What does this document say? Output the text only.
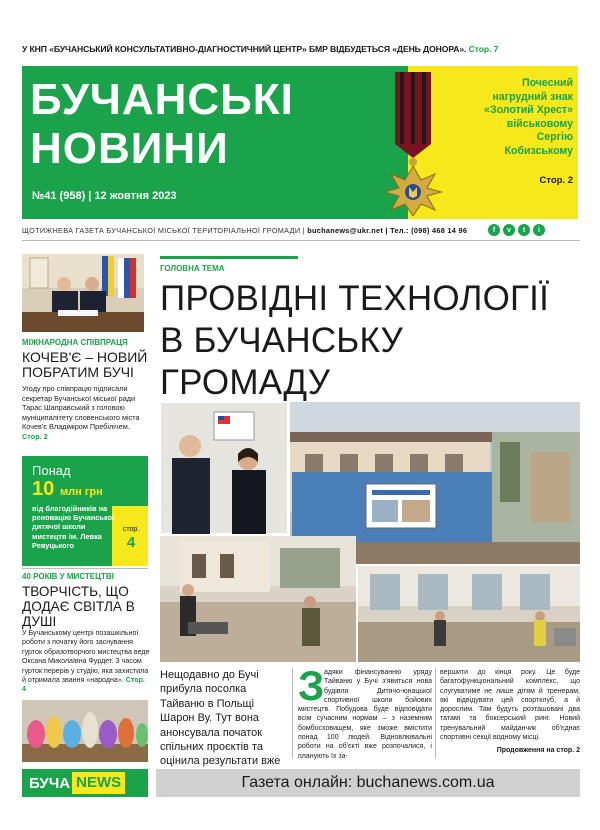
У КНП «БУЧАНСЬКИЙ КОНСУЛЬТАТИВНО-ДІАГНОСТИЧНИЙ ЦЕНТР» БМР ВІДБУДЕТЬСЯ «ДЕНЬ ДОНОРА». Стор. 7
БУЧАНСЬКІ
НОВИНИ
№41 (958) | 12 жовтня 2023
Почесний
нагрудний знак
«Золотий Хрест»
військовому
Сергію
Кобизському
Стор. 2
ЩОТИЖНЕВА ГАЗЕТА БУЧАНСЬКОЇ МІСЬКОЇ ТЕРИТОРІАЛЬНОЇ ГРОМАДИ | buchanews@ukr.net | Тел.: (098) 468 14 96	f	v	t	i
МІЖНАРОДНА СПІВПРАЦЯ
КОЧЕВ'Є – НОВИЙ ПОБРАТИМ БУЧІ
Угоду про співпрацю підписали секретар Бучанської міської ради Тарас Шаправський з головою муніципалітету словенського міста Кочев'є Владіміром Пребілічем. Стор. 2
Понад
10 млн грн
від благодійників на реновацію Бучанської дитячої школи мистецтв ім. Левка Ревуцького
стор.
4
40 РОКІВ У МИСТЕЦТВІ
ТВОРЧІСТЬ, ЩО ДОДАЄ СВІТЛА В ДУШІ
У Бучанському центрі позашкільної роботи з початку його заснування гурток образотворчого мистецтва веде Оксана Миколаївна Фурдет. З часом гурток перерів у студію, яка захистила й отримала звання «народна». Стор. 4
ГОЛОВНА ТЕМА
ПРОВІДНІ ТЕХНОЛОГІЇ В БУЧАНСЬКУ ГРОМАДУ
Нещодавно до Бучі прибула посолка Тайваню в Польщі Шарон Ву. Тут вона анонсувала початок спільних проєктів та оцінила результати вже
З адяки фінансуванню уряду Тайваню у Бучі з'явиться нова будівля Дитячо-юнацької спортивної школи бойових мистецтв. Побудова буде відповідати всім сучасним нормам – з наземним бомбосховищем, яке зможе вмістити понад 100 людей. Відновлювальні роботи на об'єкті вже розпочалися, і планують їх за-
вершити до кінця року. Це буде багатофункціональний комплекс, що слугуватиме не лише дітям й тренерам, які відвідувати цей спортклуб, а й дорослим. Там будуть розташовані два татамі та боксерський ринг. Новий тренувальний майданчик об'єднає спортивні секції водному місці.
Продовження на стор. 2
БУЧА NEWS	Газета онлайн: buchanews.com.ua
